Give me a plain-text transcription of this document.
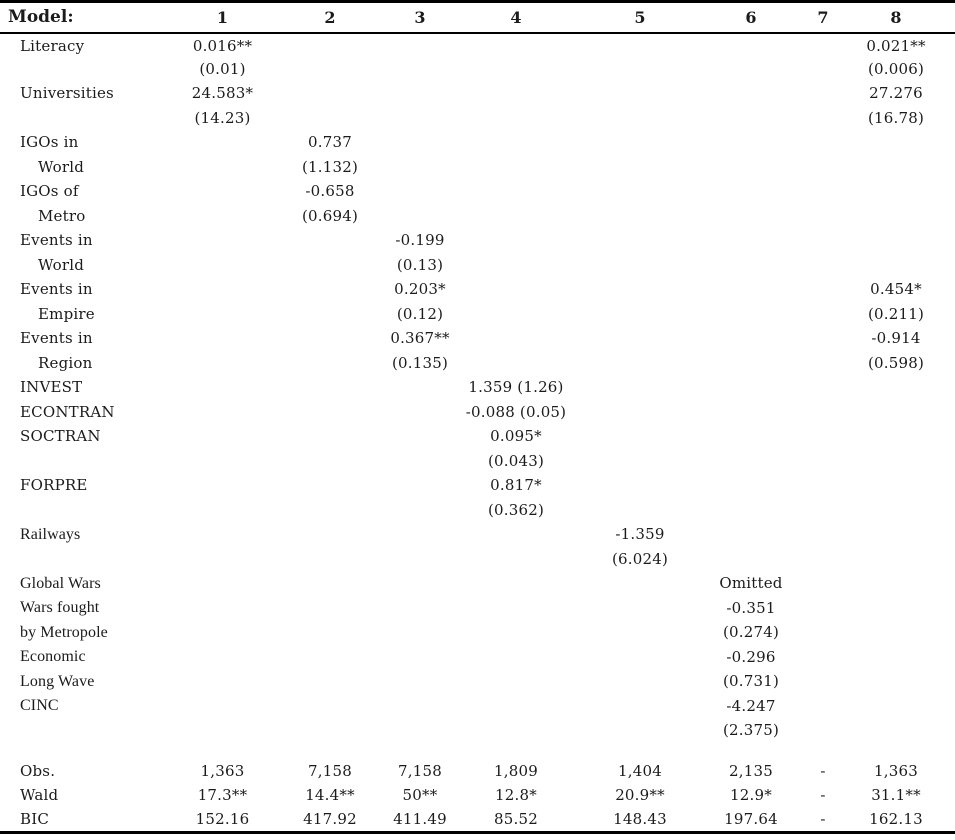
Model:	1	2	3	4	5	6	7	8	
Literacy	0.016**							0.021**	
	(0.01)							(0.006)	
Universities	24.583*							27.276	
	(14.23)							(16.78)	
IGOs in		0.737							
World		(1.132)							
IGOs of		-0.658							
Metro		(0.694)							
Events in			-0.199						
World			(0.13)						
Events in			0.203*					0.454*	
Empire			(0.12)					(0.211)	
Events in			0.367**					-0.914	
Region			(0.135)					(0.598)	
INVEST				1.359 (1.26)					
ECONTRAN				-0.088 (0.05)					
SOCTRAN				0.095*					
				(0.043)					
FORPRE				0.817*					
				(0.362)					
Railways					-1.359				
					(6.024)				
Global Wars						Omitted			
Wars fought						-0.351			
by Metropole						(0.274)			
Economic						-0.296			
Long Wave						(0.731)			
CINC						-4.247			
						(2.375)			

Obs.	1,363	7,158	7,158	1,809	1,404	2,135	-	1,363	
Wald	17.3**	14.4**	50**	12.8*	20.9**	12.9*	-	31.1**	
BIC	152.16	417.92	411.49	85.52	148.43	197.64	-	162.13	
